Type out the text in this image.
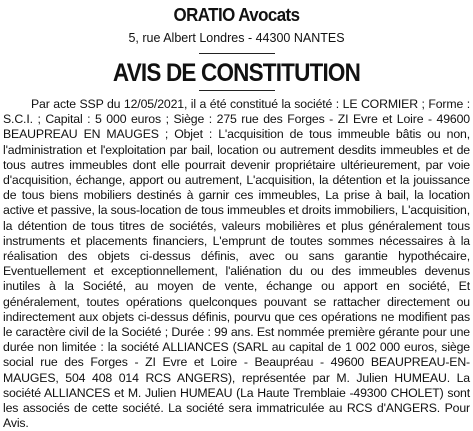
ORATIO Avocats

5, rue Albert Londres - 44300 NANTES

AVIS DE CONSTITUTION

Par acte SSP du 12/05/2021, il a été constitué la société : LE CORMIER ; Forme : S.C.I. ; Capital : 5 000 euros ; Siège : 275 rue des Forges - ZI Evre et Loire - 49600 BEAUPREAU EN MAUGES ; Objet : L'acquisition de tous immeuble bâtis ou non, l'administration et l'exploitation par bail, location ou autrement desdits immeubles et de tous autres immeubles dont elle pourrait devenir propriétaire ultérieurement, par voie d'acquisition, échange, apport ou autrement, L'acquisition, la détention et la jouissance de tous biens mobiliers destinés à garnir ces immeubles, La prise à bail, la location active et passive, la sous-location de tous immeubles et droits immobiliers, L'acquisition, la détention de tous titres de sociétés, valeurs mobilières et plus généralement tous instruments et placements financiers, L'emprunt de toutes sommes nécessaires à la réalisation des objets ci-dessus définis, avec ou sans garantie hypothécaire, Eventuellement et exceptionnellement, l'aliénation du ou des immeubles devenus inutiles à la Société, au moyen de vente, échange ou apport en société, Et généralement, toutes opérations quelconques pouvant se rattacher directement ou indirectement aux objets ci-dessus définis, pourvu que ces opérations ne modifient pas le caractère civil de la Société ; Durée : 99 ans. Est nommée première gérante pour une durée non limitée : la société ALLIANCES (SARL au capital de 1 002 000 euros, siège social rue des Forges - ZI Evre et Loire - Beaupréau - 49600 BEAUPREAU-EN-MAUGES, 504 408 014 RCS ANGERS), représentée par M. Julien HUMEAU. La société ALLIANCES et M. Julien HUMEAU (La Haute Tremblaie -49300 CHOLET) sont les associés de cette société. La société sera immatriculée au RCS d'ANGERS. Pour Avis.
